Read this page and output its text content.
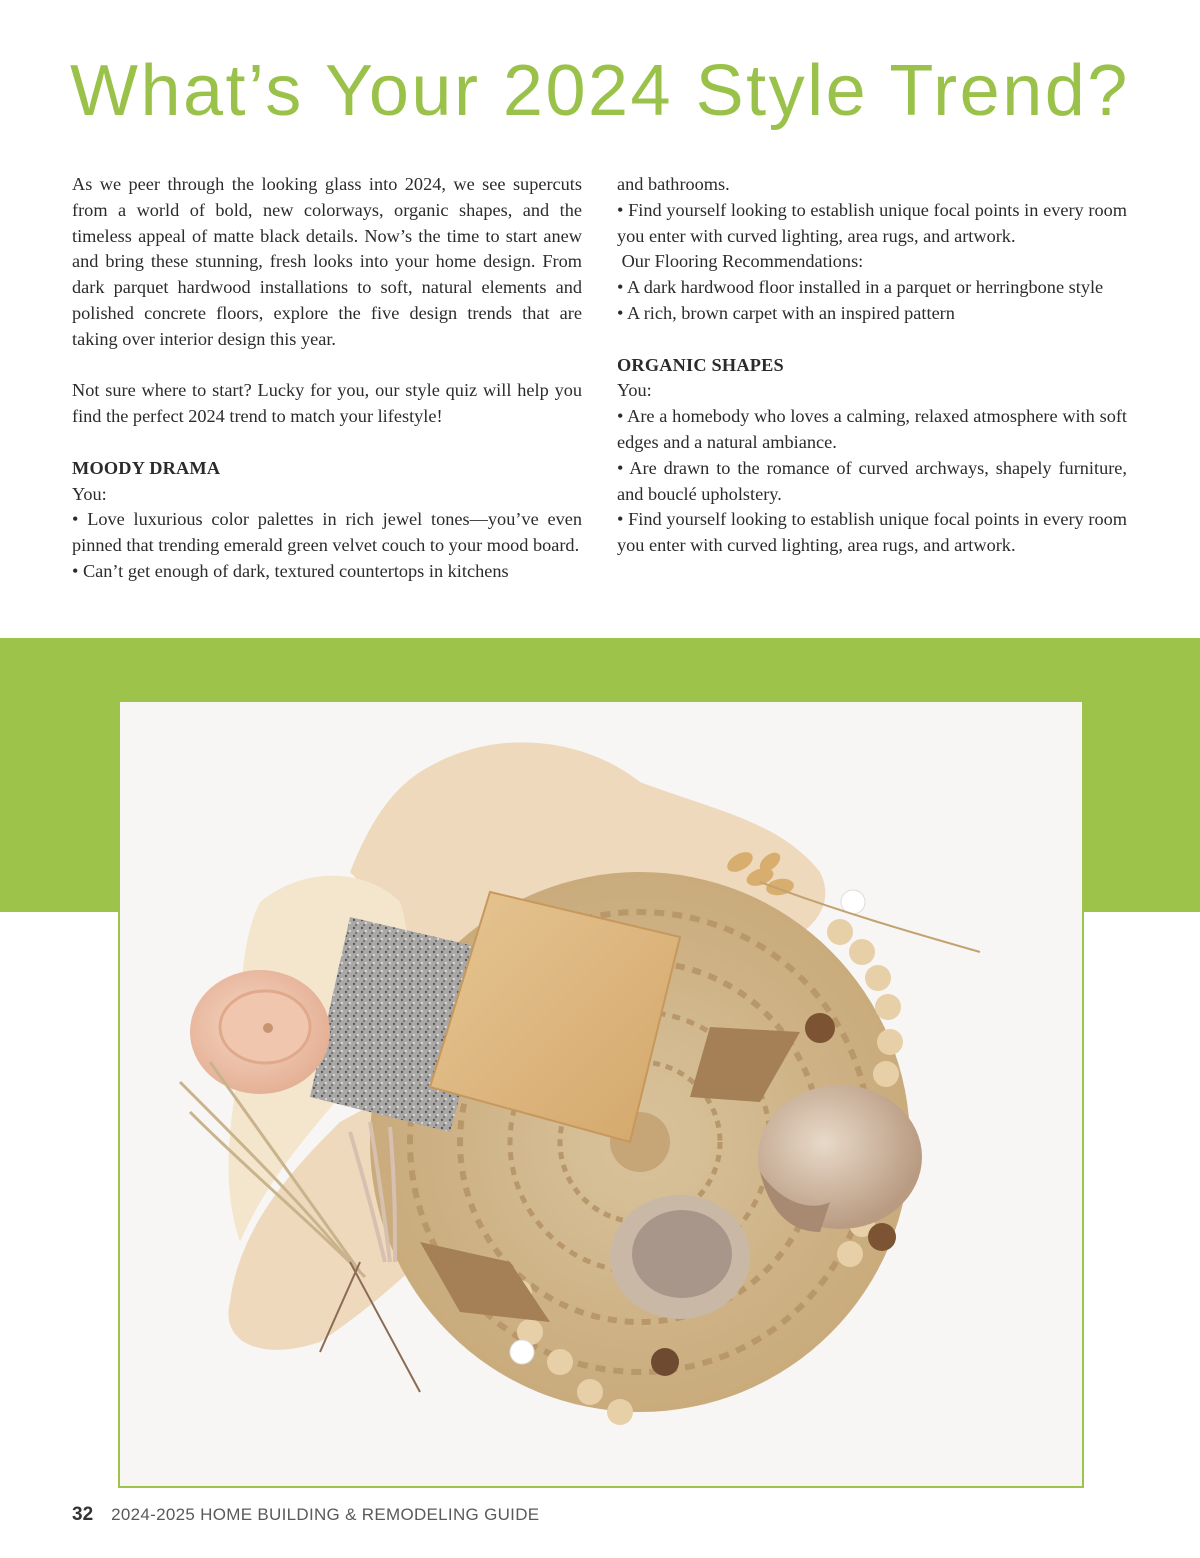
What’s Your 2024 Style Trend?

As we peer through the looking glass into 2024, we see supercuts from a world of bold, new colorways, organic shapes, and the timeless appeal of matte black details. Now’s the time to start anew and bring these stunning, fresh looks into your home design. From dark parquet hardwood installations to soft, natural elements and polished concrete floors, explore the five design trends that are taking over interior design this year.

Not sure where to start? Lucky for you, our style quiz will help you find the perfect 2024 trend to match your lifestyle!

MOODY DRAMA

You:

• Love luxurious color palettes in rich jewel tones—you’ve even pinned that trending emerald green velvet couch to your mood board.

• Can’t get enough of dark, textured countertops in kitchens

and bathrooms.

• Find yourself looking to establish unique focal points in every room you enter with curved lighting, area rugs, and artwork.

Our Flooring Recommendations:

• A dark hardwood floor installed in a parquet or herringbone style

• A rich, brown carpet with an inspired pattern

ORGANIC SHAPES

You:

• Are a homebody who loves a calming, relaxed atmosphere with soft edges and a natural ambiance.

• Are drawn to the romance of curved archways, shapely furniture, and bouclé upholstery.

• Find yourself looking to establish unique focal points in every room you enter with curved lighting, area rugs, and artwork.

32 2024-2025 HOME BUILDING & REMODELING GUIDE
